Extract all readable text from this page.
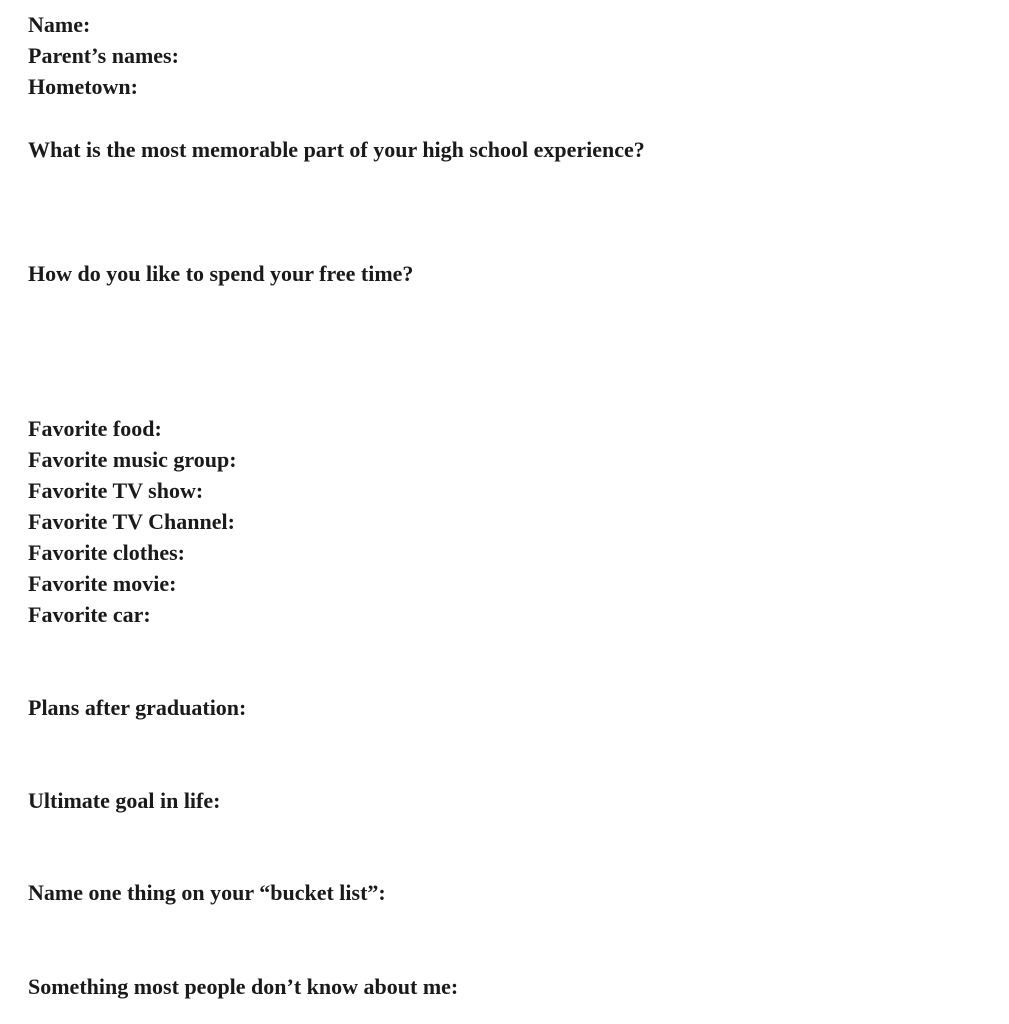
Name:
Parent’s names:
Hometown:
What is the most memorable part of your high school experience?
How do you like to spend your free time?
Favorite food:
Favorite music group:
Favorite TV show:
Favorite TV Channel:
Favorite clothes:
Favorite movie:
Favorite car:
Plans after graduation:
Ultimate goal in life:
Name one thing on your “bucket list”:
Something most people don’t know about me:
